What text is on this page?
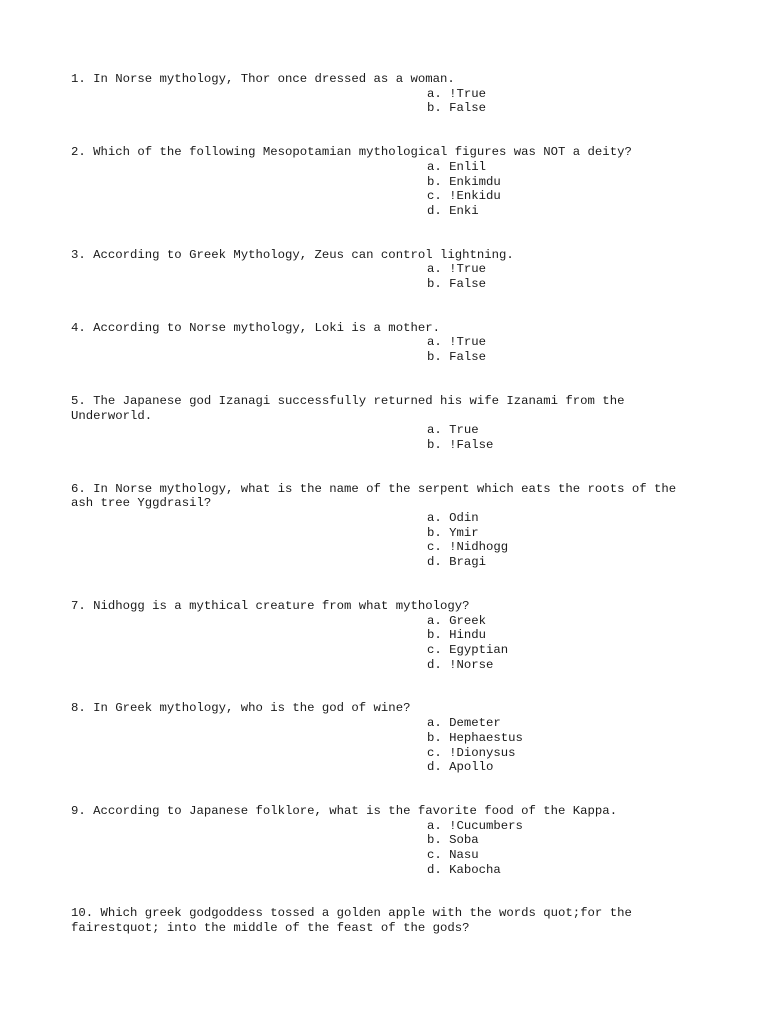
1. In Norse mythology, Thor once dressed as a woman.
a. !True
b. False
2. Which of the following Mesopotamian mythological figures was NOT a deity?
a. Enlil
b. Enkimdu
c. !Enkidu
d. Enki
3. According to Greek Mythology, Zeus can control lightning.
a. !True
b. False
4. According to Norse mythology, Loki is a mother.
a. !True
b. False
5. The Japanese god Izanagi successfully returned his wife Izanami from the Underworld.
a. True
b. !False
6. In Norse mythology, what is the name of the serpent which eats the roots of the ash tree Yggdrasil?
a. Odin
b. Ymir
c. !Nidhogg
d. Bragi
7. Nidhogg is a mythical creature from what mythology?
a. Greek
b. Hindu
c. Egyptian
d. !Norse
8. In Greek mythology, who is the god of wine?
a. Demeter
b. Hephaestus
c. !Dionysus
d. Apollo
9. According to Japanese folklore, what is the favorite food of the Kappa.
a. !Cucumbers
b. Soba
c. Nasu
d. Kabocha
10. Which greek godgoddess tossed a golden apple with the words quot;for the fairestquot; into the middle of the feast of the gods?
